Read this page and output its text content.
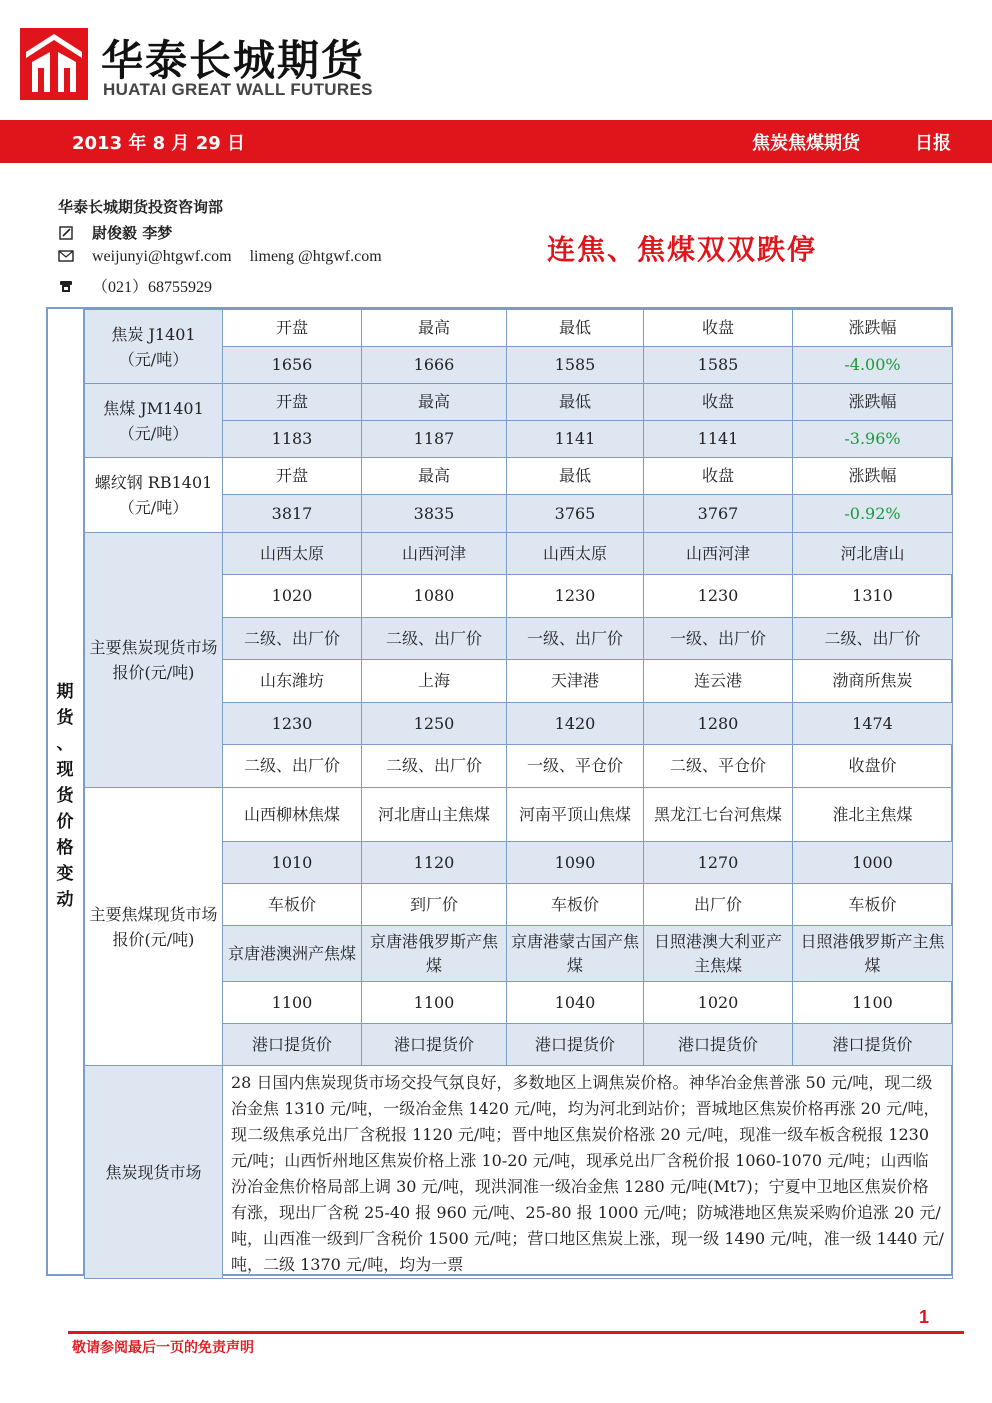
华泰长城期货
HUATAI GREAT WALL FUTURES
2013 年 8 月 29 日	焦炭焦煤期货	日报
华泰长城期货投资咨询部
尉俊毅 李梦
weijunyi@htgwf.com limeng @htgwf.com
（021）68755929
连焦、焦煤双双跌停
期
货
、
现
货
价
格
变
动
焦炭 J1401
（元/吨）	开盘	最高	最低	收盘	涨跌幅
	1656	1666	1585	1585	-4.00%
焦煤 JM1401
（元/吨）	开盘	最高	最低	收盘	涨跌幅
	1183	1187	1141	1141	-3.96%
螺纹钢 RB1401
（元/吨）	开盘	最高	最低	收盘	涨跌幅
	3817	3835	3765	3767	-0.92%
主要焦炭现货市场报价(元/吨)	山西太原	山西河津	山西太原	山西河津	河北唐山
	1020	1080	1230	1230	1310
	二级、出厂价	二级、出厂价	一级、出厂价	一级、出厂价	二级、出厂价
	山东潍坊	上海	天津港	连云港	渤商所焦炭
	1230	1250	1420	1280	1474
	二级、出厂价	二级、出厂价	一级、平仓价	二级、平仓价	收盘价
主要焦煤现货市场报价(元/吨)	山西柳林焦煤	河北唐山主焦煤	河南平顶山焦煤	黑龙江七台河焦煤	淮北主焦煤
	1010	1120	1090	1270	1000
	车板价	到厂价	车板价	出厂价	车板价
	京唐港澳洲产焦煤	京唐港俄罗斯产焦煤	京唐港蒙古国产焦煤	日照港澳大利亚产主焦煤	日照港俄罗斯产主焦煤
	1100	1100	1040	1020	1100
	港口提货价	港口提货价	港口提货价	港口提货价	港口提货价
焦炭现货市场	28 日国内焦炭现货市场交投气氛良好，多数地区上调焦炭价格。神华冶金焦普涨 50 元/吨，现二级冶金焦 1310 元/吨，一级冶金焦 1420 元/吨，均为河北到站价；晋城地区焦炭价格再涨 20 元/吨，现二级焦承兑出厂含税报 1120 元/吨；晋中地区焦炭价格涨 20 元/吨，现准一级车板含税报 1230 元/吨；山西忻州地区焦炭价格上涨 10-20 元/吨，现承兑出厂含税价报 1060-1070 元/吨；山西临汾冶金焦价格局部上调 30 元/吨，现洪洞准一级冶金焦 1280 元/吨(Mt7)；宁夏中卫地区焦炭价格有涨，现出厂含税 25-40 报 960 元/吨、25-80 报 1000 元/吨；防城港地区焦炭采购价追涨 20 元/吨，山西准一级到厂含税价 1500 元/吨；营口地区焦炭上涨，现一级 1490 元/吨，准一级 1440 元/吨，二级 1370 元/吨，均为一票				
1
敬请参阅最后一页的免责声明
